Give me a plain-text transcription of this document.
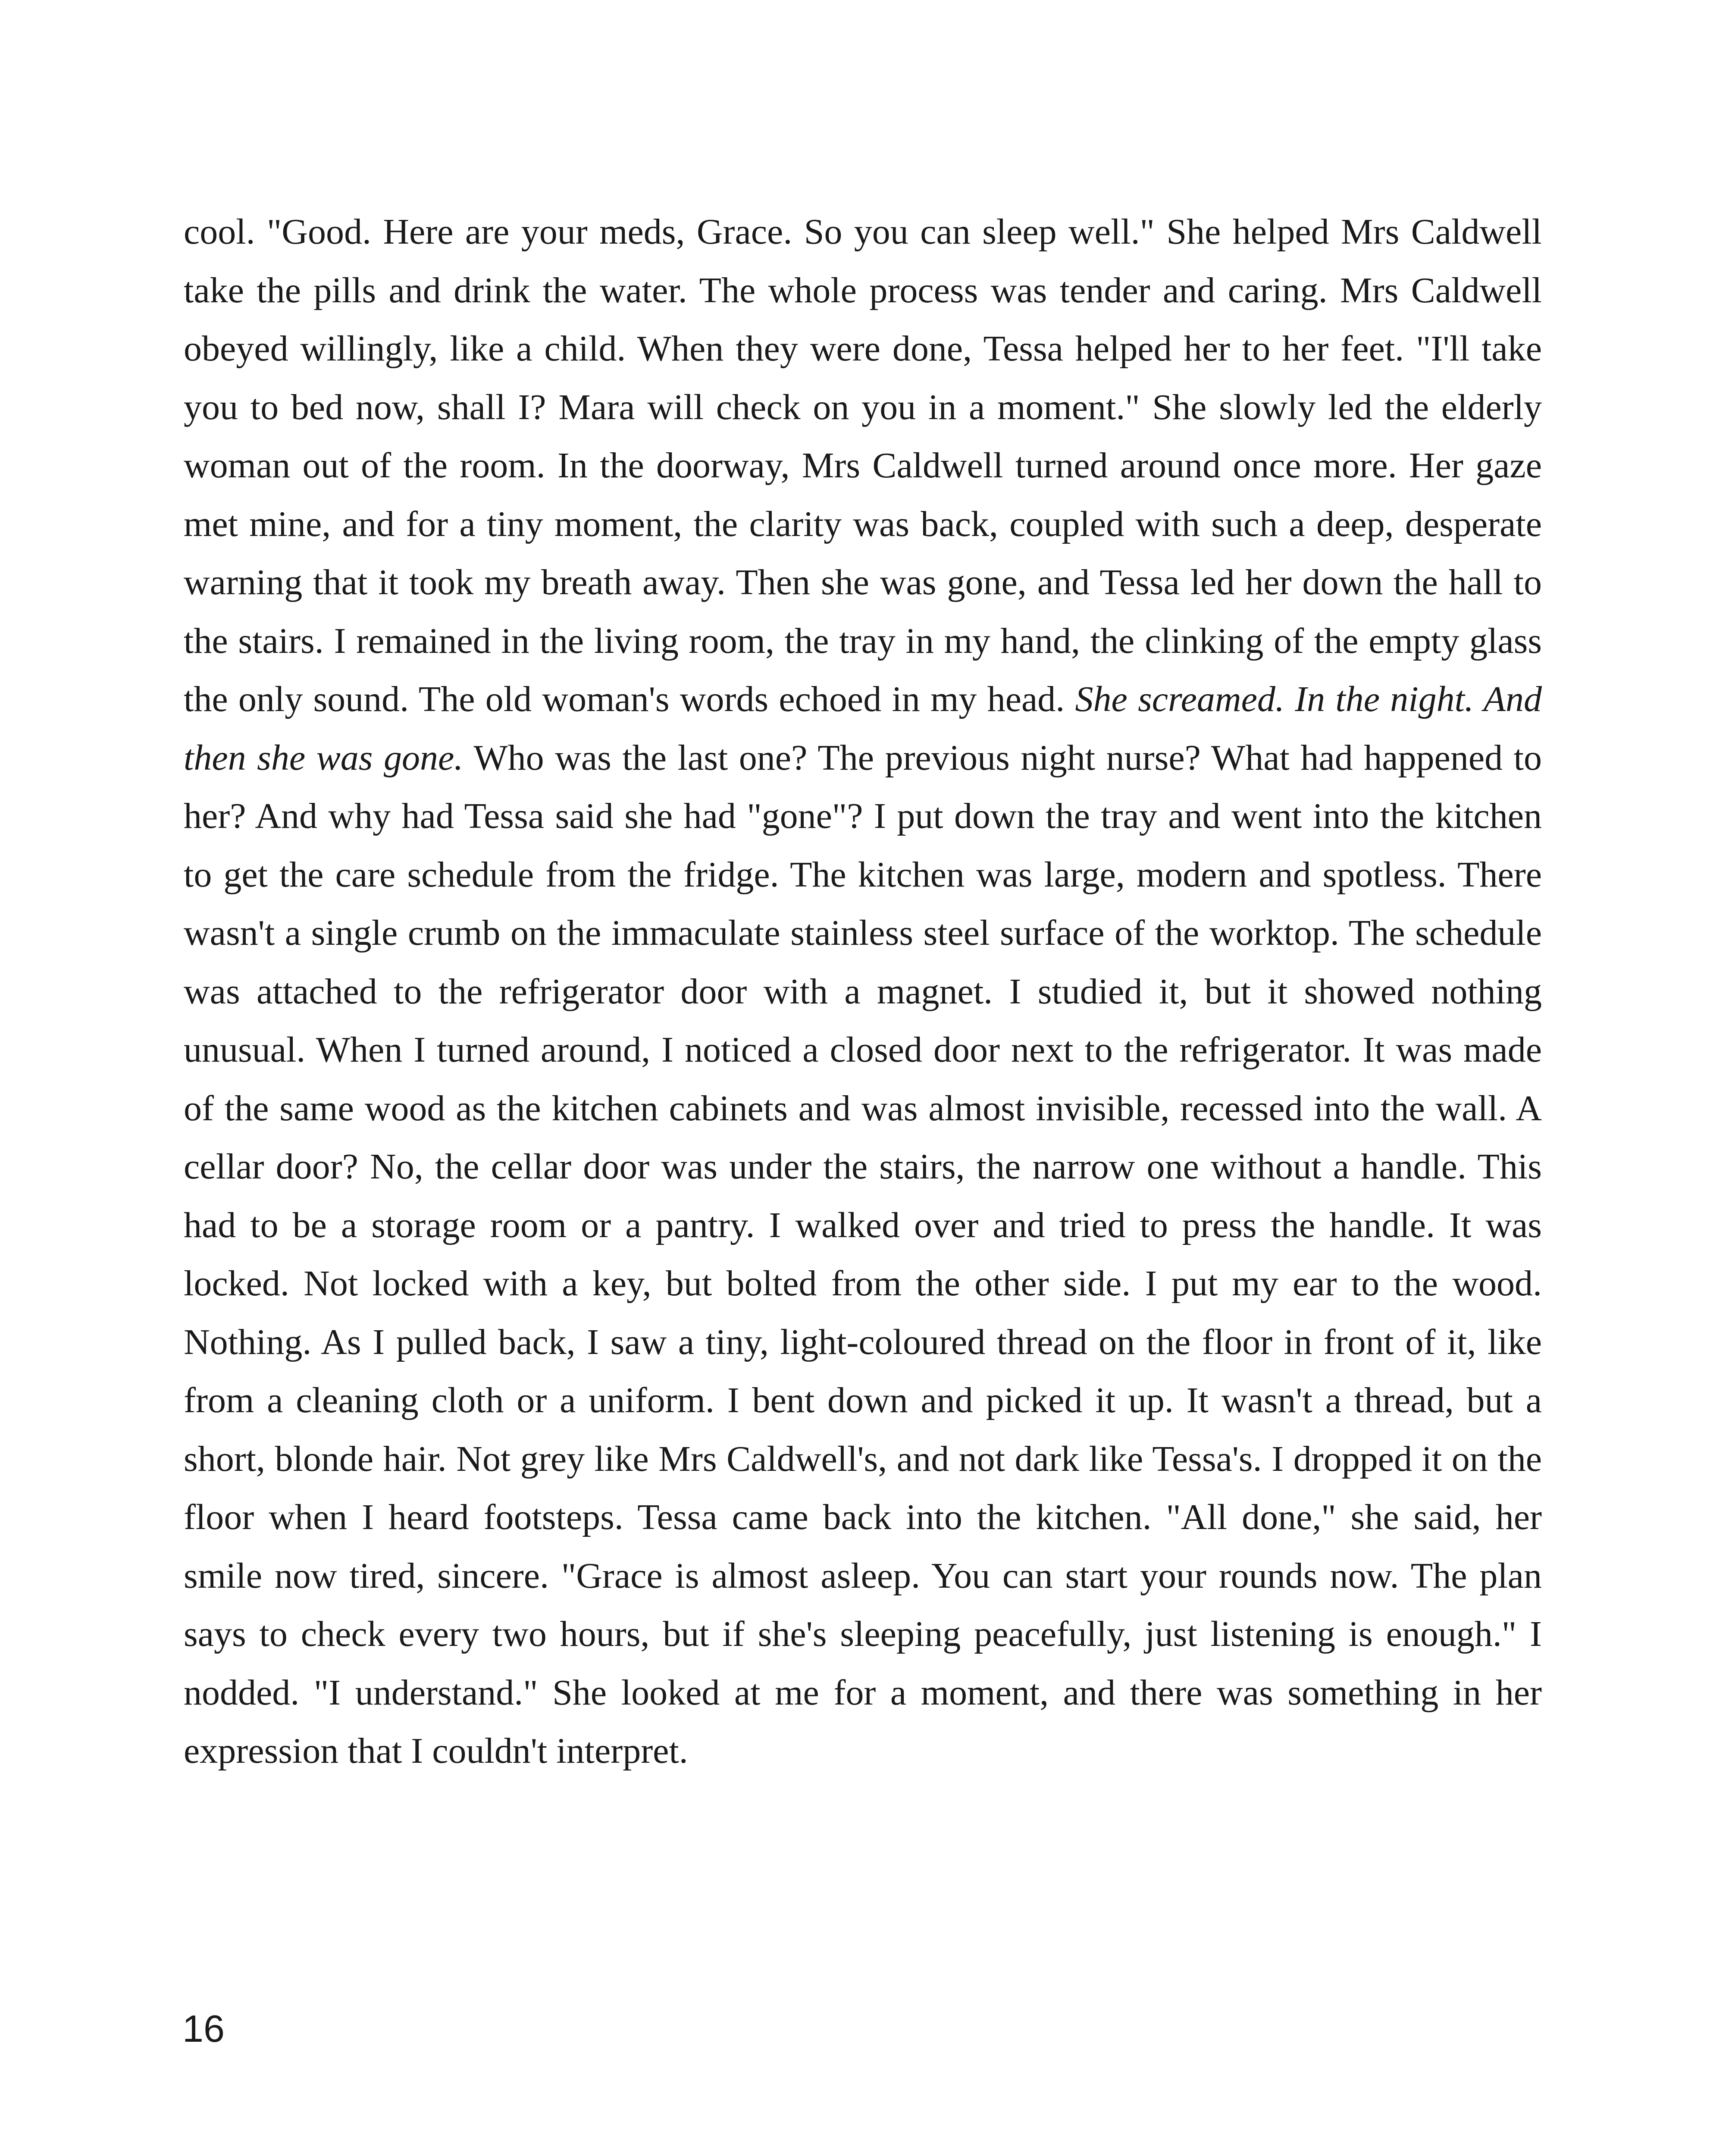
cool. "Good. Here are your meds, Grace. So you can sleep well." She helped Mrs Caldwell take the pills and drink the water. The whole process was tender and caring. Mrs Caldwell obeyed willingly, like a child. When they were done, Tessa helped her to her feet. "I'll take you to bed now, shall I? Mara will check on you in a moment." She slowly led the elderly woman out of the room. In the doorway, Mrs Caldwell turned around once more. Her gaze met mine, and for a tiny moment, the clarity was back, coupled with such a deep, desperate warning that it took my breath away. Then she was gone, and Tessa led her down the hall to the stairs. I remained in the living room, the tray in my hand, the clinking of the empty glass the only sound. The old woman's words echoed in my head. She screamed. In the night. And then she was gone. Who was the last one? The previous night nurse? What had happened to her? And why had Tessa said she had "gone"? I put down the tray and went into the kitchen to get the care schedule from the fridge. The kitchen was large, modern and spotless. There wasn't a single crumb on the immaculate stainless steel surface of the worktop. The schedule was attached to the refrigerator door with a magnet. I studied it, but it showed nothing unusual. When I turned around, I noticed a closed door next to the refrigerator. It was made of the same wood as the kitchen cabinets and was almost invisible, recessed into the wall. A cellar door? No, the cellar door was under the stairs, the narrow one without a handle. This had to be a storage room or a pantry. I walked over and tried to press the handle. It was locked. Not locked with a key, but bolted from the other side. I put my ear to the wood. Nothing. As I pulled back, I saw a tiny, light-coloured thread on the floor in front of it, like from a cleaning cloth or a uniform. I bent down and picked it up. It wasn't a thread, but a short, blonde hair. Not grey like Mrs Caldwell's, and not dark like Tessa's. I dropped it on the floor when I heard footsteps. Tessa came back into the kitchen. "All done," she said, her smile now tired, sincere. "Grace is almost asleep. You can start your rounds now. The plan says to check every two hours, but if she's sleeping peacefully, just listening is enough." I nodded. "I understand." She looked at me for a moment, and there was something in her expression that I couldn't interpret.

16
